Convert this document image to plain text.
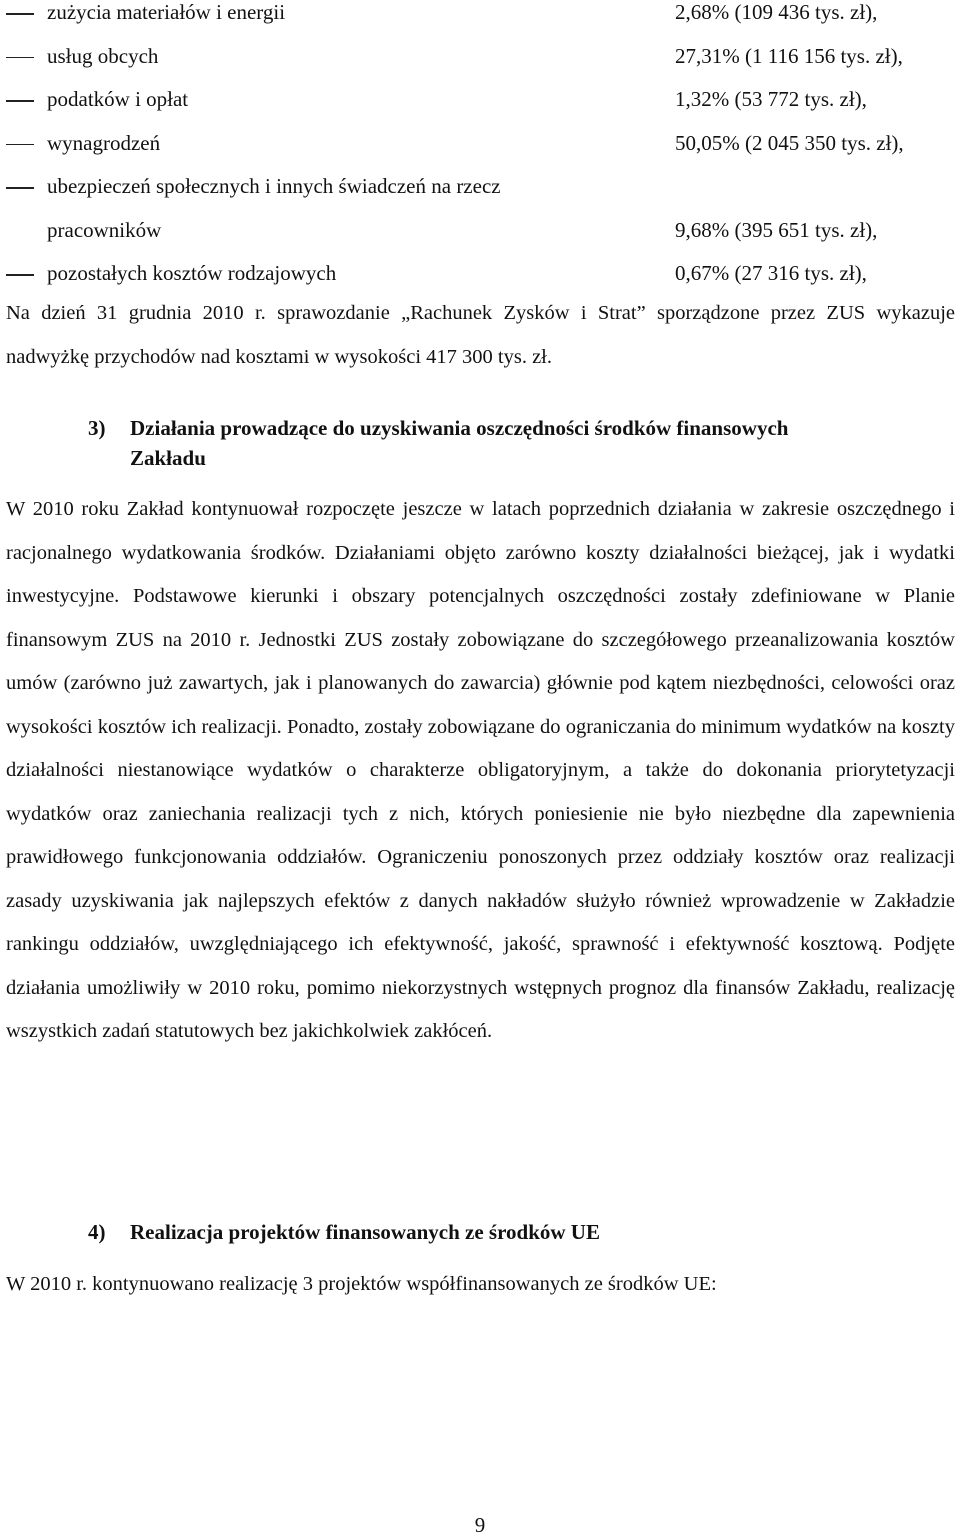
zużycia materiałów i energii	2,68% (109 436 tys. zł),
usług obcych	27,31% (1 116 156 tys. zł),
podatków i opłat	1,32% (53 772 tys. zł),
wynagrodzeń	50,05% (2 045 350 tys. zł),
ubezpieczeń społecznych i innych świadczeń na rzecz
pracowników	9,68% (395 651 tys. zł),
pozostałych kosztów rodzajowych	0,67% (27 316 tys. zł),

Na dzień 31 grudnia 2010 r. sprawozdanie „Rachunek Zysków i Strat” sporządzone przez ZUS wykazuje nadwyżkę przychodów nad kosztami w wysokości 417 300 tys. zł.

3) Działania prowadzące do uzyskiwania oszczędności środków finansowych
Zakładu

W 2010 roku Zakład kontynuował rozpoczęte jeszcze w latach poprzednich działania w zakresie oszczędnego i racjonalnego wydatkowania środków. Działaniami objęto zarówno koszty działalności bieżącej, jak i wydatki inwestycyjne. Podstawowe kierunki i obszary potencjalnych oszczędności zostały zdefiniowane w Planie finansowym ZUS na 2010 r. Jednostki ZUS zostały zobowiązane do szczegółowego przeanalizowania kosztów umów (zarówno już zawartych, jak i planowanych do zawarcia) głównie pod kątem niezbędności, celowości oraz wysokości kosztów ich realizacji. Ponadto, zostały zobowiązane do ograniczania do minimum wydatków na koszty działalności niestanowiące wydatków o charakterze obligatoryjnym, a także do dokonania priorytetyzacji wydatków oraz zaniechania realizacji tych z nich, których poniesienie nie było niezbędne dla zapewnienia prawidłowego funkcjonowania oddziałów. Ograniczeniu ponoszonych przez oddziały kosztów oraz realizacji zasady uzyskiwania jak najlepszych efektów z danych nakładów służyło również wprowadzenie w Zakładzie rankingu oddziałów, uwzględniającego ich efektywność, jakość, sprawność i efektywność kosztową. Podjęte działania umożliwiły w 2010 roku, pomimo niekorzystnych wstępnych prognoz dla finansów Zakładu, realizację wszystkich zadań statutowych bez jakichkolwiek zakłóceń.

4) Realizacja projektów finansowanych ze środków UE

W 2010 r. kontynuowano realizację 3 projektów współfinansowanych ze środków UE:

9
